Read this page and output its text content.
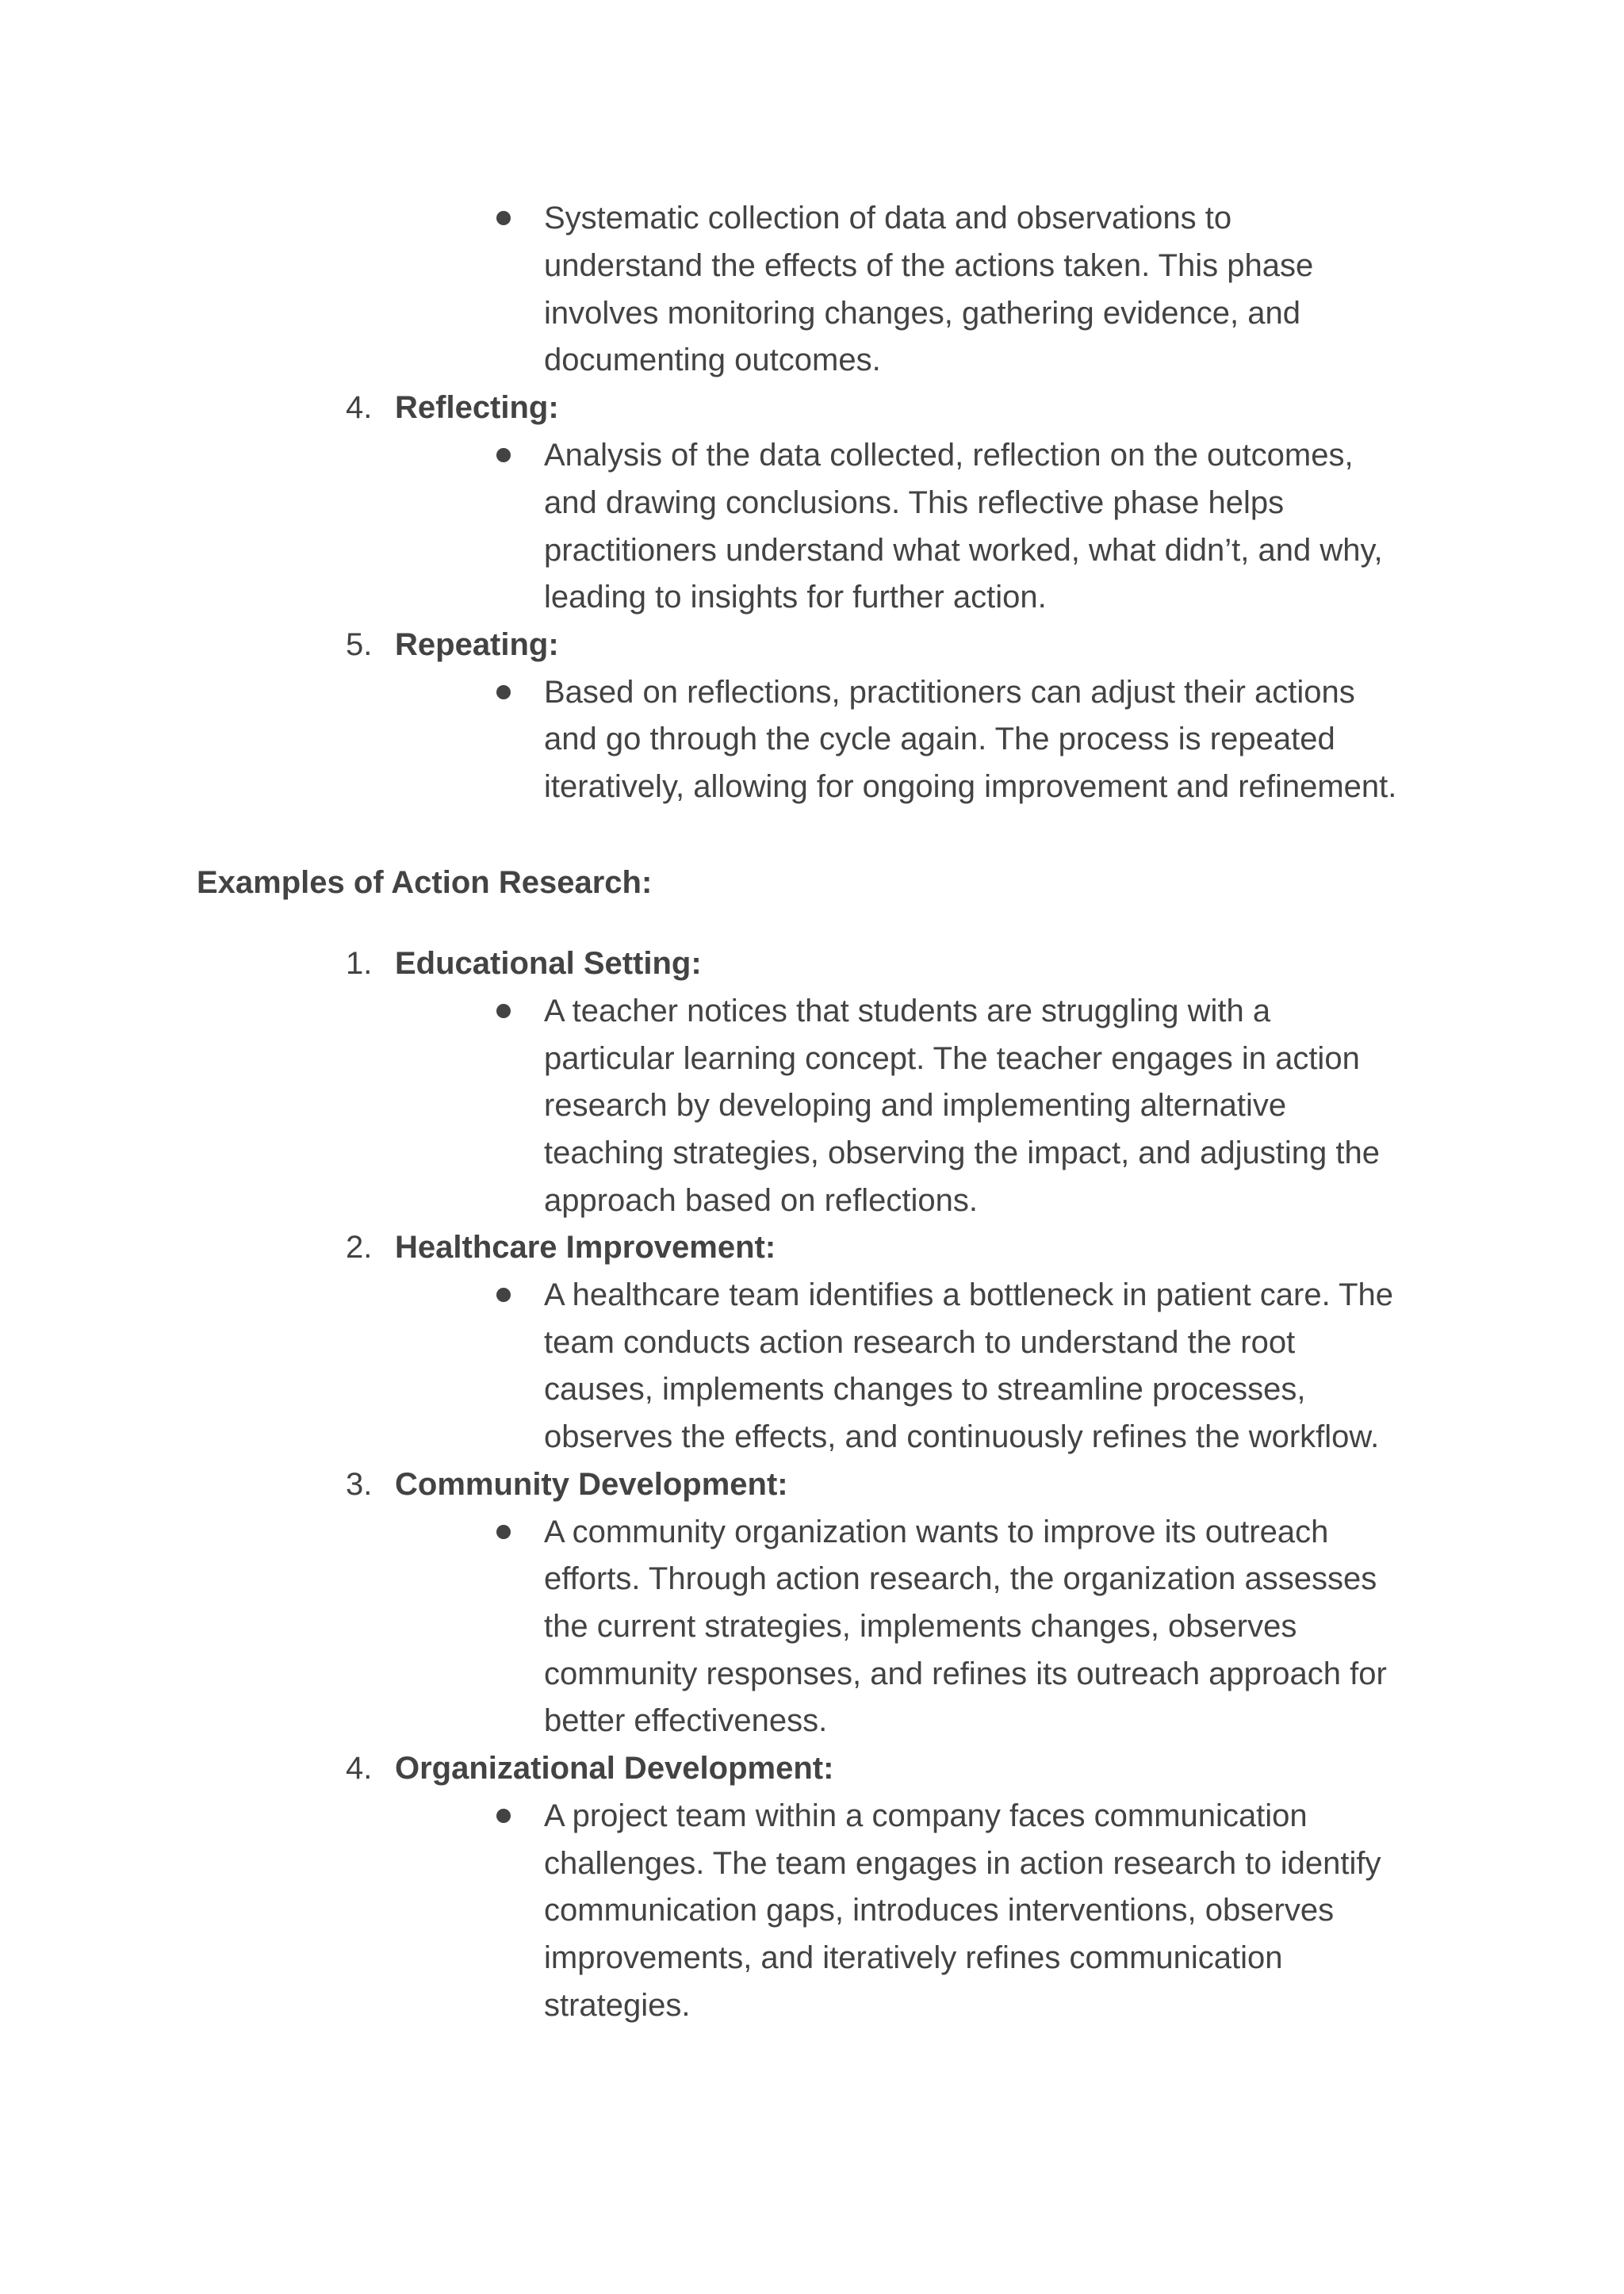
Systematic collection of data and observations to
understand the effects of the actions taken. This phase
involves monitoring changes, gathering evidence, and
documenting outcomes.
4. Reflecting:
Analysis of the data collected, reflection on the outcomes,
and drawing conclusions. This reflective phase helps
practitioners understand what worked, what didn’t, and why,
leading to insights for further action.
5. Repeating:
Based on reflections, practitioners can adjust their actions
and go through the cycle again. The process is repeated
iteratively, allowing for ongoing improvement and refinement.
Examples of Action Research:
1. Educational Setting:
A teacher notices that students are struggling with a
particular learning concept. The teacher engages in action
research by developing and implementing alternative
teaching strategies, observing the impact, and adjusting the
approach based on reflections.
2. Healthcare Improvement:
A healthcare team identifies a bottleneck in patient care. The
team conducts action research to understand the root
causes, implements changes to streamline processes,
observes the effects, and continuously refines the workflow.
3. Community Development:
A community organization wants to improve its outreach
efforts. Through action research, the organization assesses
the current strategies, implements changes, observes
community responses, and refines its outreach approach for
better effectiveness.
4. Organizational Development:
A project team within a company faces communication
challenges. The team engages in action research to identify
communication gaps, introduces interventions, observes
improvements, and iteratively refines communication
strategies.
